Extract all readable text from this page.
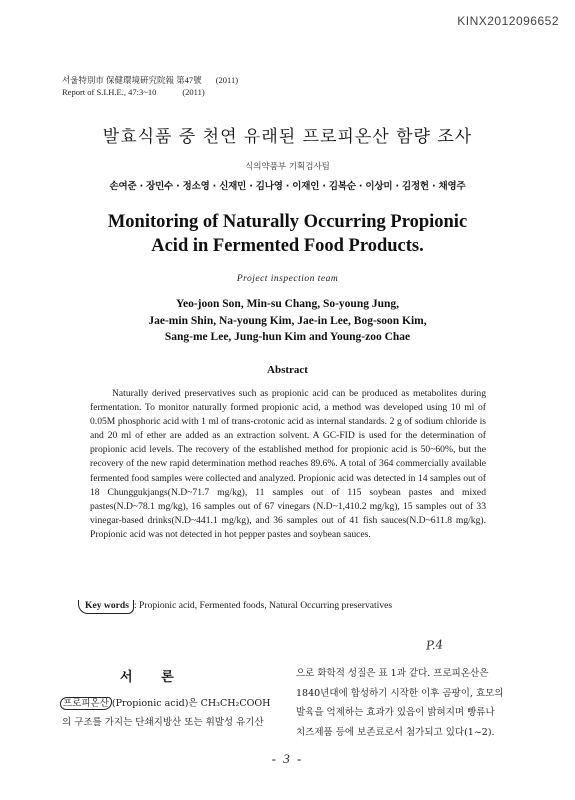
KINX2012096652
서울特別市 保健環境硏究院報 第47號 (2011)
Report of S.I.H.E., 47:3~10	(2011)
발효식품 중 천연 유래된 프로피온산 함량 조사
식의약품부 기획검사팀
손여준 · 장민수 · 정소영 · 신재민 · 김나영 · 이재인 · 김복순 · 이상미 · 김정헌 · 채영주
Monitoring of Naturally Occurring Propionic
Acid in Fermented Food Products.
Project inspection team
Yeo-joon Son, Min-su Chang, So-young Jung,
Jae-min Shin, Na-young Kim, Jae-in Lee, Bog-soon Kim,
Sang-me Lee, Jung-hun Kim and Young-zoo Chae
Abstract
Naturally derived preservatives such as propionic acid can be produced as metabolites during fermentation. To monitor naturally formed propionic acid, a method was developed using 10 ml of 0.05M phosphoric acid with 1 ml of trans-crotonic acid as internal standards. 2 g of sodium chloride is and 20 ml of ether are added as an extraction solvent. A GC-FID is used for the determination of propionic acid levels. The recovery of the established method for propionic acid is 50~60%, but the recovery of the new rapid determination method reaches 89.6%. A total of 364 commercially available fermented food samples were collected and analyzed. Propionic acid was detected in 14 samples out of 18 Chunggukjangs(N.D~71.7 mg/kg), 11 samples out of 115 soybean pastes and mixed pastes(N.D~78.1 mg/kg), 16 samples out of 67 vinegars (N.D~1,410.2 mg/kg), 15 samples out of 33 vinegar-based drinks(N.D~441.1 mg/kg), and 36 samples out of 41 fish sauces(N.D~611.8 mg/kg). Propionic acid was not detected in hot pepper pastes and soybean sauces.
Key words : Propionic acid, Fermented foods, Natural Occurring preservatives
P.4
서 론
프로피온산 (Propionic acid)은 CH₃CH₂COOH
의 구조를 가지는 단쇄지방산 또는 휘발성 유기산
으로 화학적 성질은 표 1과 같다. 프로피온산은
1840년대에 합성하기 시작한 이후 곰팡이, 효모의
발육을 억제하는 효과가 있음이 밝혀지며 빵류나
치즈제품 등에 보존료로서 첨가되고 있다(1~2).
- 3 -
